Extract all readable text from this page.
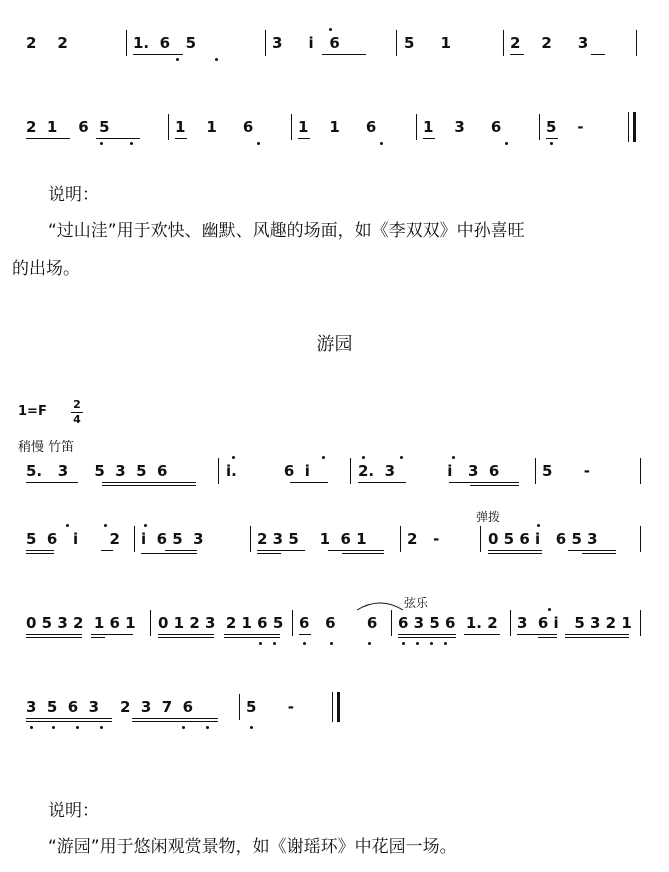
2    2	1.  6   5	3     i   6	5     1	2    2     3
2  1    6  5	1    1     6	1    1     6	1    3     6	5    -
说明：
“过山洼”用于欢快、幽默、风趣的场面，如《李双双》中孙喜旺
的出场。
游园
1=F 2
4
稍慢 竹笛
5.   3     5  3  5  6	i.         6  i	2.  3          i   3  6	5      -
弹拨
5  6   i      2 i  6 5  3	2 3 5    1  6 1	2   -	0 5 6 i   6 5 3
弦乐
0 5 3 2  1 6 1 0 1 2 3  2 1 6 5 6   6      6 6 3 5 6  1. 2 3  6 i   5 3 2 1
3  5  6  3    2  3  7  6	5      -
说明：
“游园”用于悠闲观赏景物，如《谢瑶环》中花园一场。
